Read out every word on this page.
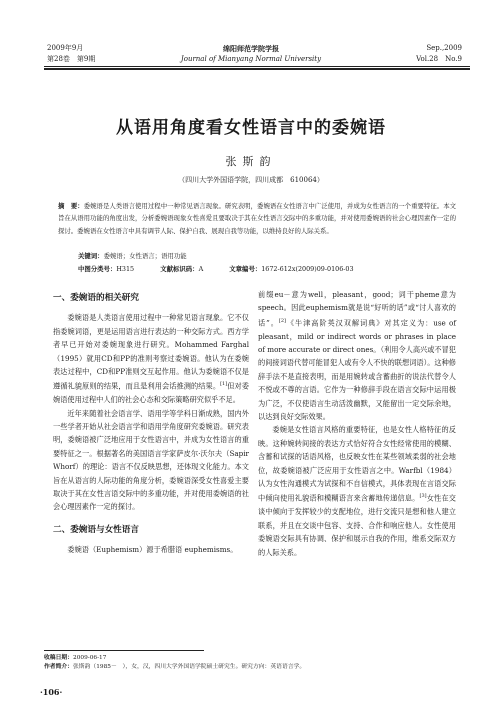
2009年9月
第28卷　第9期
绵阳师范学院学报
Journal of Mianyang Normal University
Sep.,2009
Vol.28　No.9
从语用角度看女性语言中的委婉语
张斯韵
（四川大学外国语学院，四川成都　610064）
摘　要：委婉语是人类语言使用过程中一种常见语言现象。研究表明，委婉语在女性语言中广泛使用，并成为女性语言的一个重要特征。本文旨在从语用功能的角度出发，分析委婉语现象女性喜爱且要取决于其在女性语言交际中的多重功能，并对使用委婉语的社会心理因素作一定的探讨。委婉语在女性语言中具有调节人际、保护自我、展现自我等功能，以维持良好的人际关系。
关键词：委婉语；女性语言；语用功能
中图分类号：H315	文献标识码：A	文章编号：1672-612x(2009)09-0106-03
一、委婉语的相关研究

委婉语是人类语言使用过程中一种常见语言现象。它不仅指委婉词语，更是运用语言进行表达的一种交际方式。西方学者早已开始对委婉现象进行研究。Mohammed Farghal（1995）就用CD和PP的准则考察过委婉语。他认为在委婉表达过程中，CD和PP准则交互起作用。他认为委婉语不仅是遵循礼貌原则的结果，而且是利用会话推测的结果。[1]但对委婉语使用过程中人们的社会心态和交际策略研究似乎不足。

近年来随着社会语言学、语用学等学科日渐成熟，国内外一些学者开始从社会语言学和语用学角度研究委婉语。研究表明，委婉语被广泛地应用于女性语言中，并成为女性语言的重要特征之一。根据著名的美国语言学家萨皮尔·沃尔夫（Sapir Whorf）的理论：语言不仅反映思想，还体现文化能力。本文旨在从语言的人际功能的角度分析，委婉语深受女性喜爱主要取决于其在女性言语交际中的多重功能，并对使用委婉语的社会心理因素作一定的探讨。

二、委婉语与女性语言

委婉语（Euphemism）源于希腊语 euphemisms。

前缀eu－意为well，pleasant，good；词干pheme意为speech。因此euphemism就是说“好听的话”或“讨人喜欢的话”。[2]《牛津高阶英汉双解词典》对其定义为：use of pleasant，mild or indirect words or phrases in place of more accurate or direct ones。（利用令人高兴或不冒犯的间接词语代替可能冒犯人或有令人不快的联想词语）。这种修辞手法不是直接表明，而是用婉转或含蓄曲折的说法代替令人不悦或不尊的言语。它作为一种修辞手段在语言交际中运用极为广泛，不仅使语言生动活泼幽默，又能留出一定交际余地，以达到良好交际效果。

委婉是女性语言风格的重要特征，也是女性人格特征的反映。这种婉转间接的表达方式恰好符合女性经常使用的模糊、含蓄和试探的话语风格，也反映女性在某些领域柔弱的社会地位，故委婉语被广泛应用于女性语言之中。Warfbl（1984）认为女性沟通模式为试探和不自信模式，具体表现在言语交际中倾向使用礼貌语和模糊语言来含蓄地传递信息。[3]女性在交谈中倾向于发挥较少的支配地位，进行交流只是想和他人建立联系，并且在交谈中包容、支持、合作和响应他人。女性使用委婉语交际具有协调、保护和展示自我的作用，维系交际双方的人际关系。

收稿日期：2009-06-17
作者简介：张斯韵（1985－　），女，汉，四川大学外国语学院硕士研究生。研究方向：英语语言学。
·106·
